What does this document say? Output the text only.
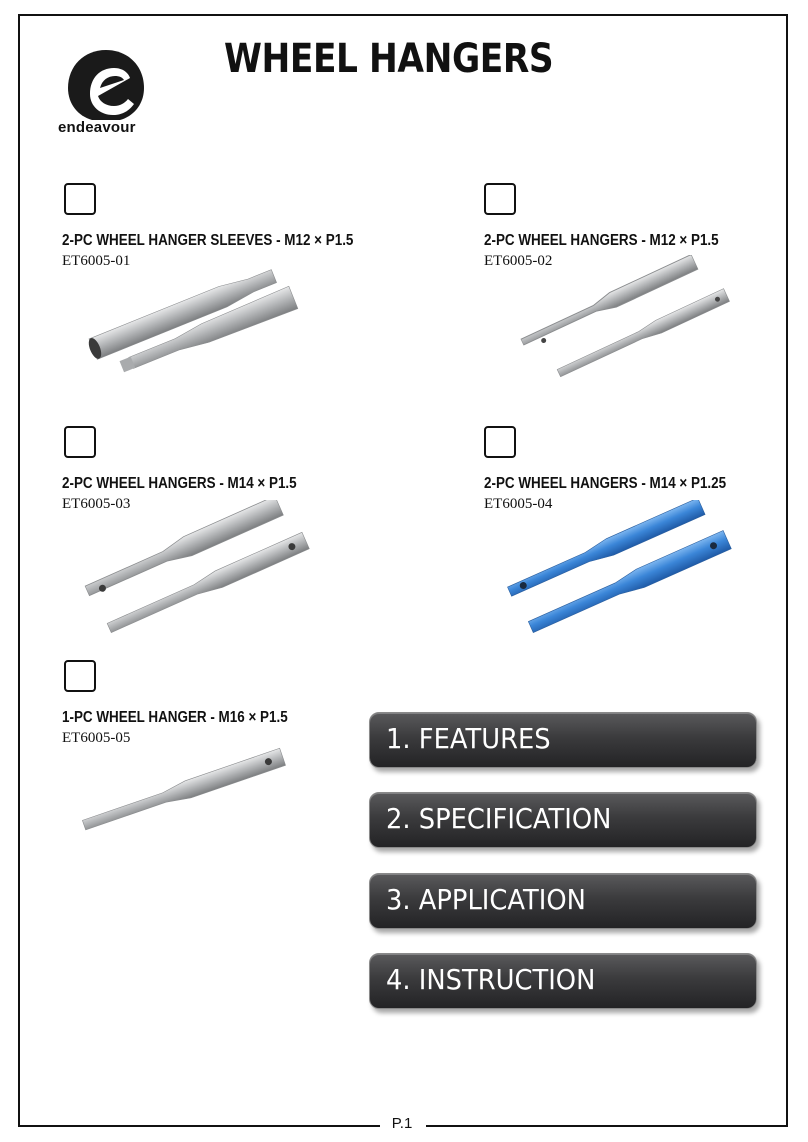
P.1
endeavour
WHEEL HANGERS
2-PC WHEEL HANGER SLEEVES - M12 × P1.5
ET6005-01
2-PC WHEEL HANGERS - M12 × P1.5
ET6005-02
2-PC WHEEL HANGERS - M14 × P1.5
ET6005-03
2-PC WHEEL HANGERS - M14 × P1.25
ET6005-04
1-PC WHEEL HANGER - M16 × P1.5
ET6005-05	1. FEATURES
2. SPECIFICATION
3. APPLICATION
4. INSTRUCTION
